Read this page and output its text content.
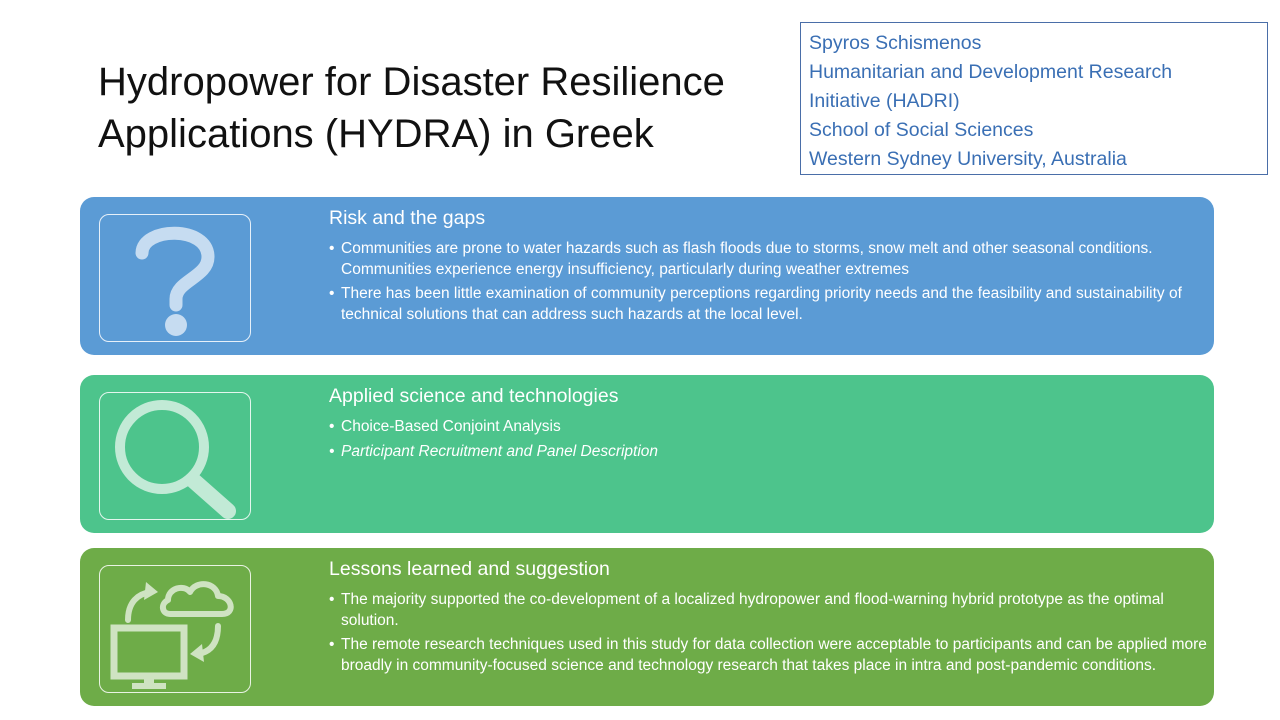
Hydropower for Disaster Resilience
Applications (HYDRA) in Greek
Spyros Schismenos
Humanitarian and Development Research
Initiative (HADRI)
School of Social Sciences
Western Sydney University, Australia
Risk and the gaps
• Communities are prone to water hazards such as flash floods due to storms, snow melt and other seasonal conditions. Communities experience energy insufficiency, particularly during weather extremes
• There has been little examination of community perceptions regarding priority needs and the feasibility and sustainability of technical solutions that can address such hazards at the local level.
Applied science and technologies
• Choice-Based Conjoint Analysis
• Participant Recruitment and Panel Description
Lessons learned and suggestion
• The majority supported the co-development of a localized hydropower and flood-warning hybrid prototype as the optimal solution.
• The remote research techniques used in this study for data collection were acceptable to participants and can be applied more broadly in community-focused science and technology research that takes place in intra and post-pandemic conditions.
